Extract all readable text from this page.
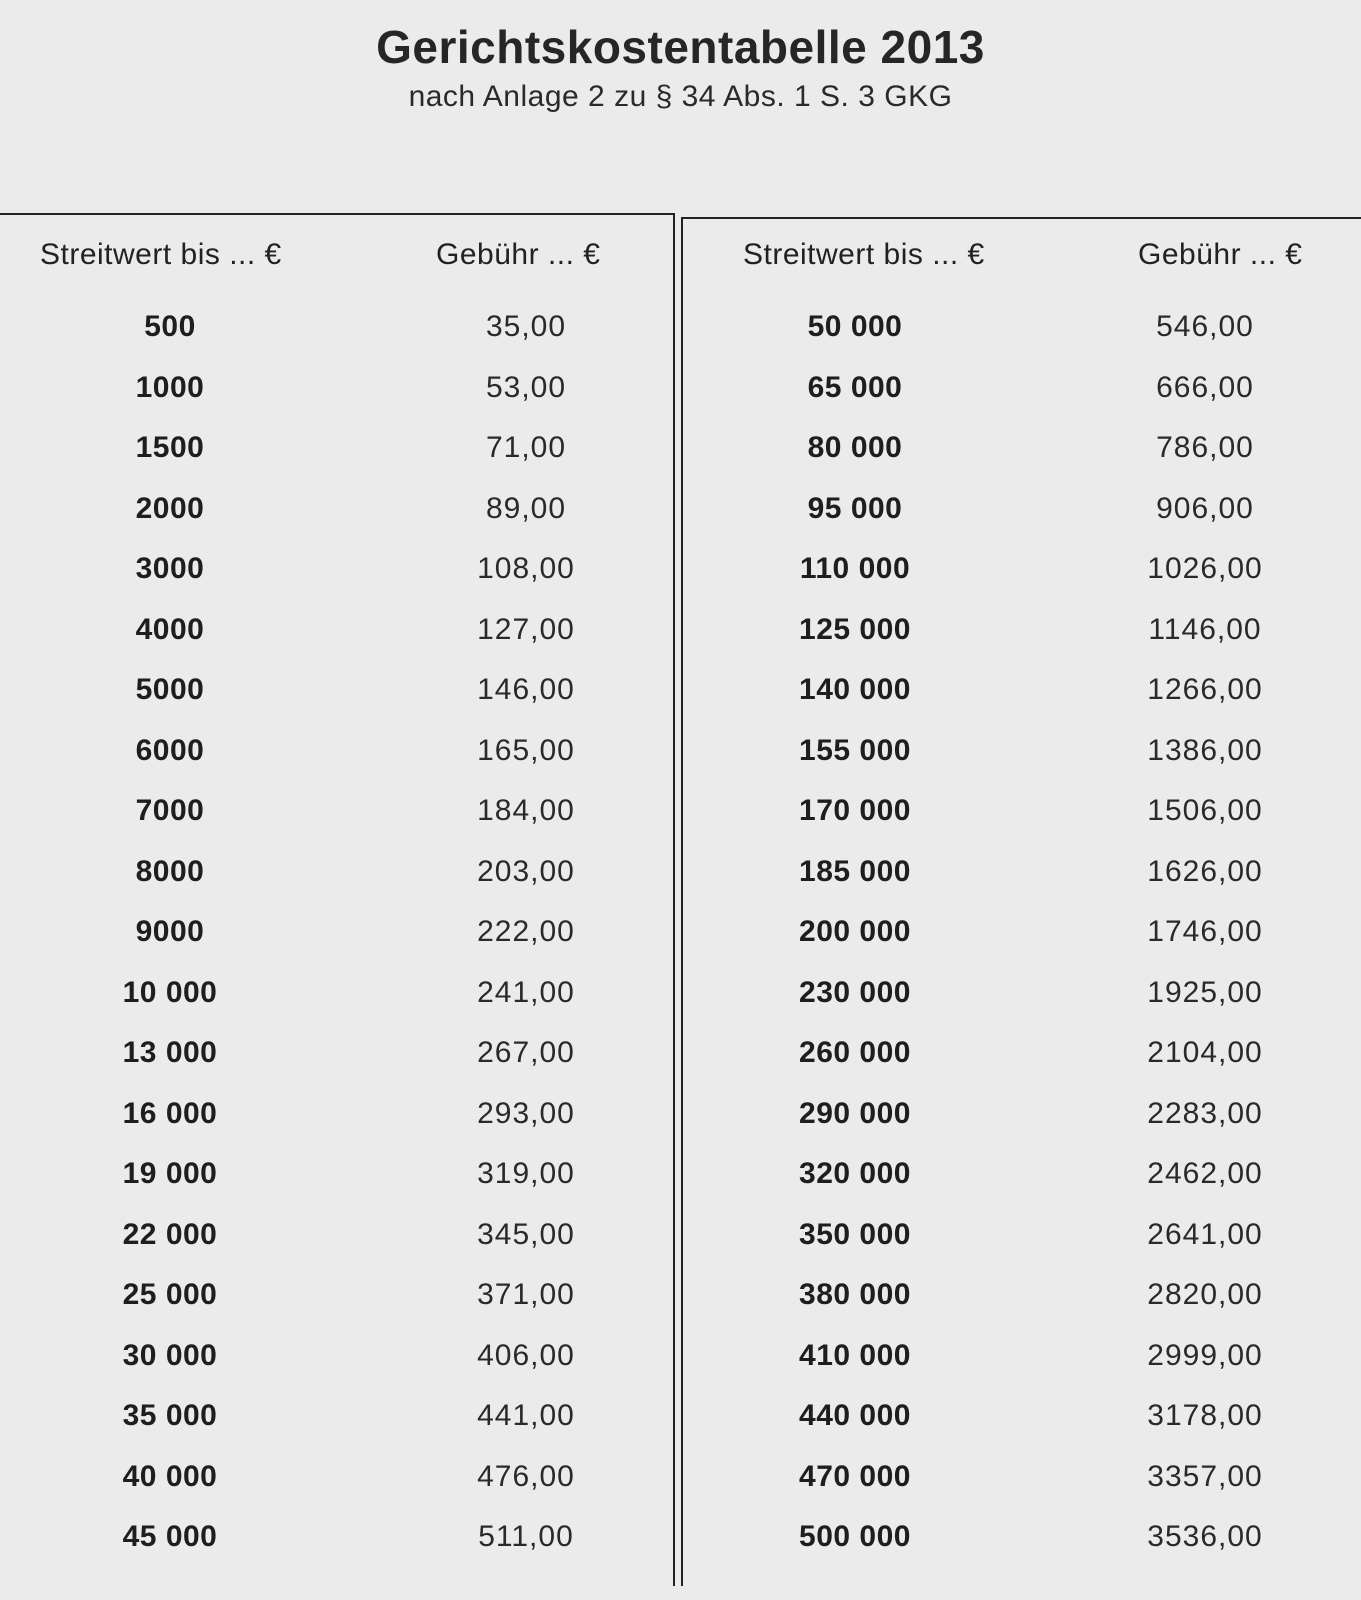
Gerichtskostentabelle 2013
nach Anlage 2 zu § 34 Abs. 1 S. 3 GKG
Streitwert bis ... €	Gebühr ... €
500	35,00
1000	53,00
1500	71,00
2000	89,00
3000	108,00
4000	127,00
5000	146,00
6000	165,00
7000	184,00
8000	203,00
9000	222,00
10 000	241,00
13 000	267,00
16 000	293,00
19 000	319,00
22 000	345,00
25 000	371,00
30 000	406,00
35 000	441,00
40 000	476,00
45 000	511,00
Streitwert bis ... €	Gebühr ... €
50 000	546,00
65 000	666,00
80 000	786,00
95 000	906,00
110 000	1026,00
125 000	1146,00
140 000	1266,00
155 000	1386,00
170 000	1506,00
185 000	1626,00
200 000	1746,00
230 000	1925,00
260 000	2104,00
290 000	2283,00
320 000	2462,00
350 000	2641,00
380 000	2820,00
410 000	2999,00
440 000	3178,00
470 000	3357,00
500 000	3536,00
